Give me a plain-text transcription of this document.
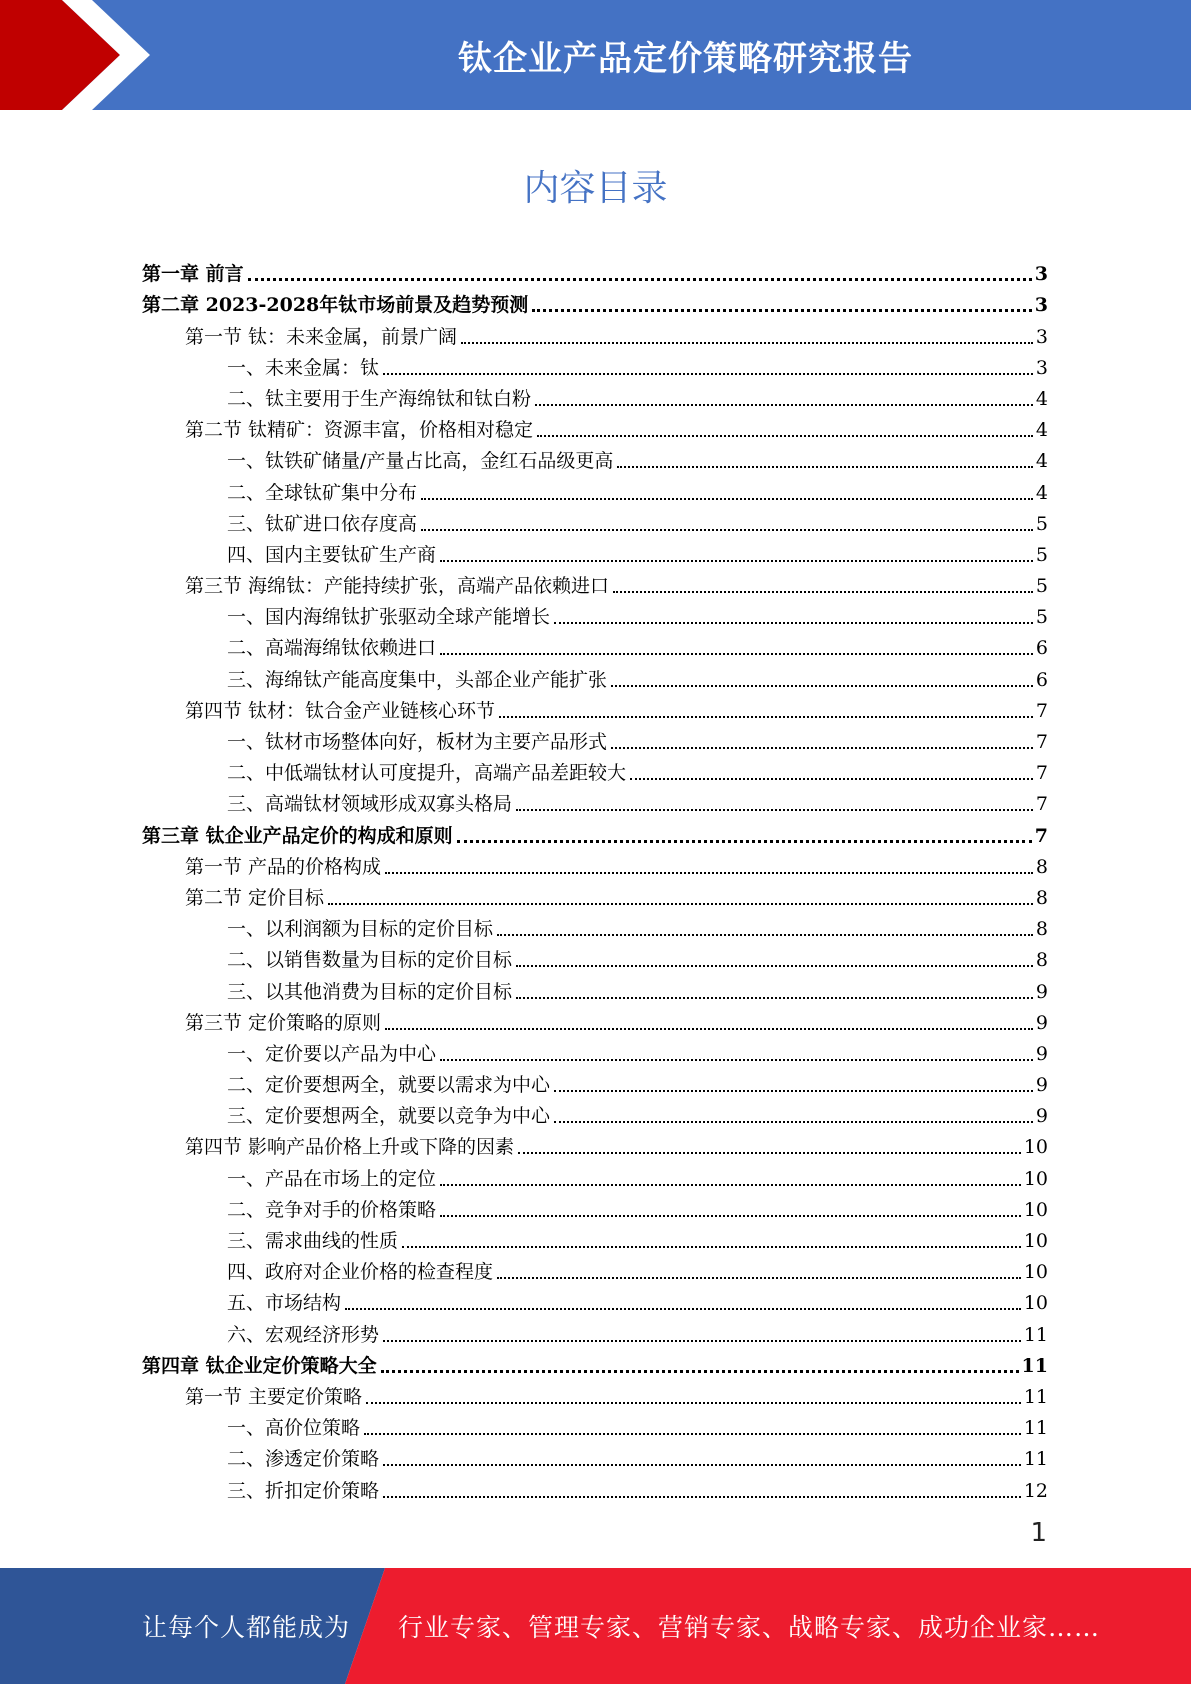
钛企业产品定价策略研究报告
内容目录
第一章 前言	3
第二章 2023-2028年钛市场前景及趋势预测	3
第一节 钛：未来金属，前景广阔	3
一、未来金属：钛	3
二、钛主要用于生产海绵钛和钛白粉	4
第二节 钛精矿：资源丰富，价格相对稳定	4
一、钛铁矿储量/产量占比高，金红石品级更高	4
二、全球钛矿集中分布	4
三、钛矿进口依存度高	5
四、国内主要钛矿生产商	5
第三节 海绵钛：产能持续扩张，高端产品依赖进口	5
一、国内海绵钛扩张驱动全球产能增长	5
二、高端海绵钛依赖进口	6
三、海绵钛产能高度集中，头部企业产能扩张	6
第四节 钛材：钛合金产业链核心环节	7
一、钛材市场整体向好，板材为主要产品形式	7
二、中低端钛材认可度提升，高端产品差距较大	7
三、高端钛材领域形成双寡头格局	7
第三章 钛企业产品定价的构成和原则	7
第一节 产品的价格构成	8
第二节 定价目标	8
一、以利润额为目标的定价目标	8
二、以销售数量为目标的定价目标	8
三、以其他消费为目标的定价目标	9
第三节 定价策略的原则	9
一、定价要以产品为中心	9
二、定价要想两全，就要以需求为中心	9
三、定价要想两全，就要以竞争为中心	9
第四节 影响产品价格上升或下降的因素	10
一、产品在市场上的定位	10
二、竞争对手的价格策略	10
三、需求曲线的性质	10
四、政府对企业价格的检查程度	10
五、市场结构	10
六、宏观经济形势	11
第四章 钛企业定价策略大全	11
第一节 主要定价策略	11
一、高价位策略	11
二、渗透定价策略	11
三、折扣定价策略	12
1
让每个人都能成为 行业专家、管理专家、营销专家、战略专家、成功企业家……
